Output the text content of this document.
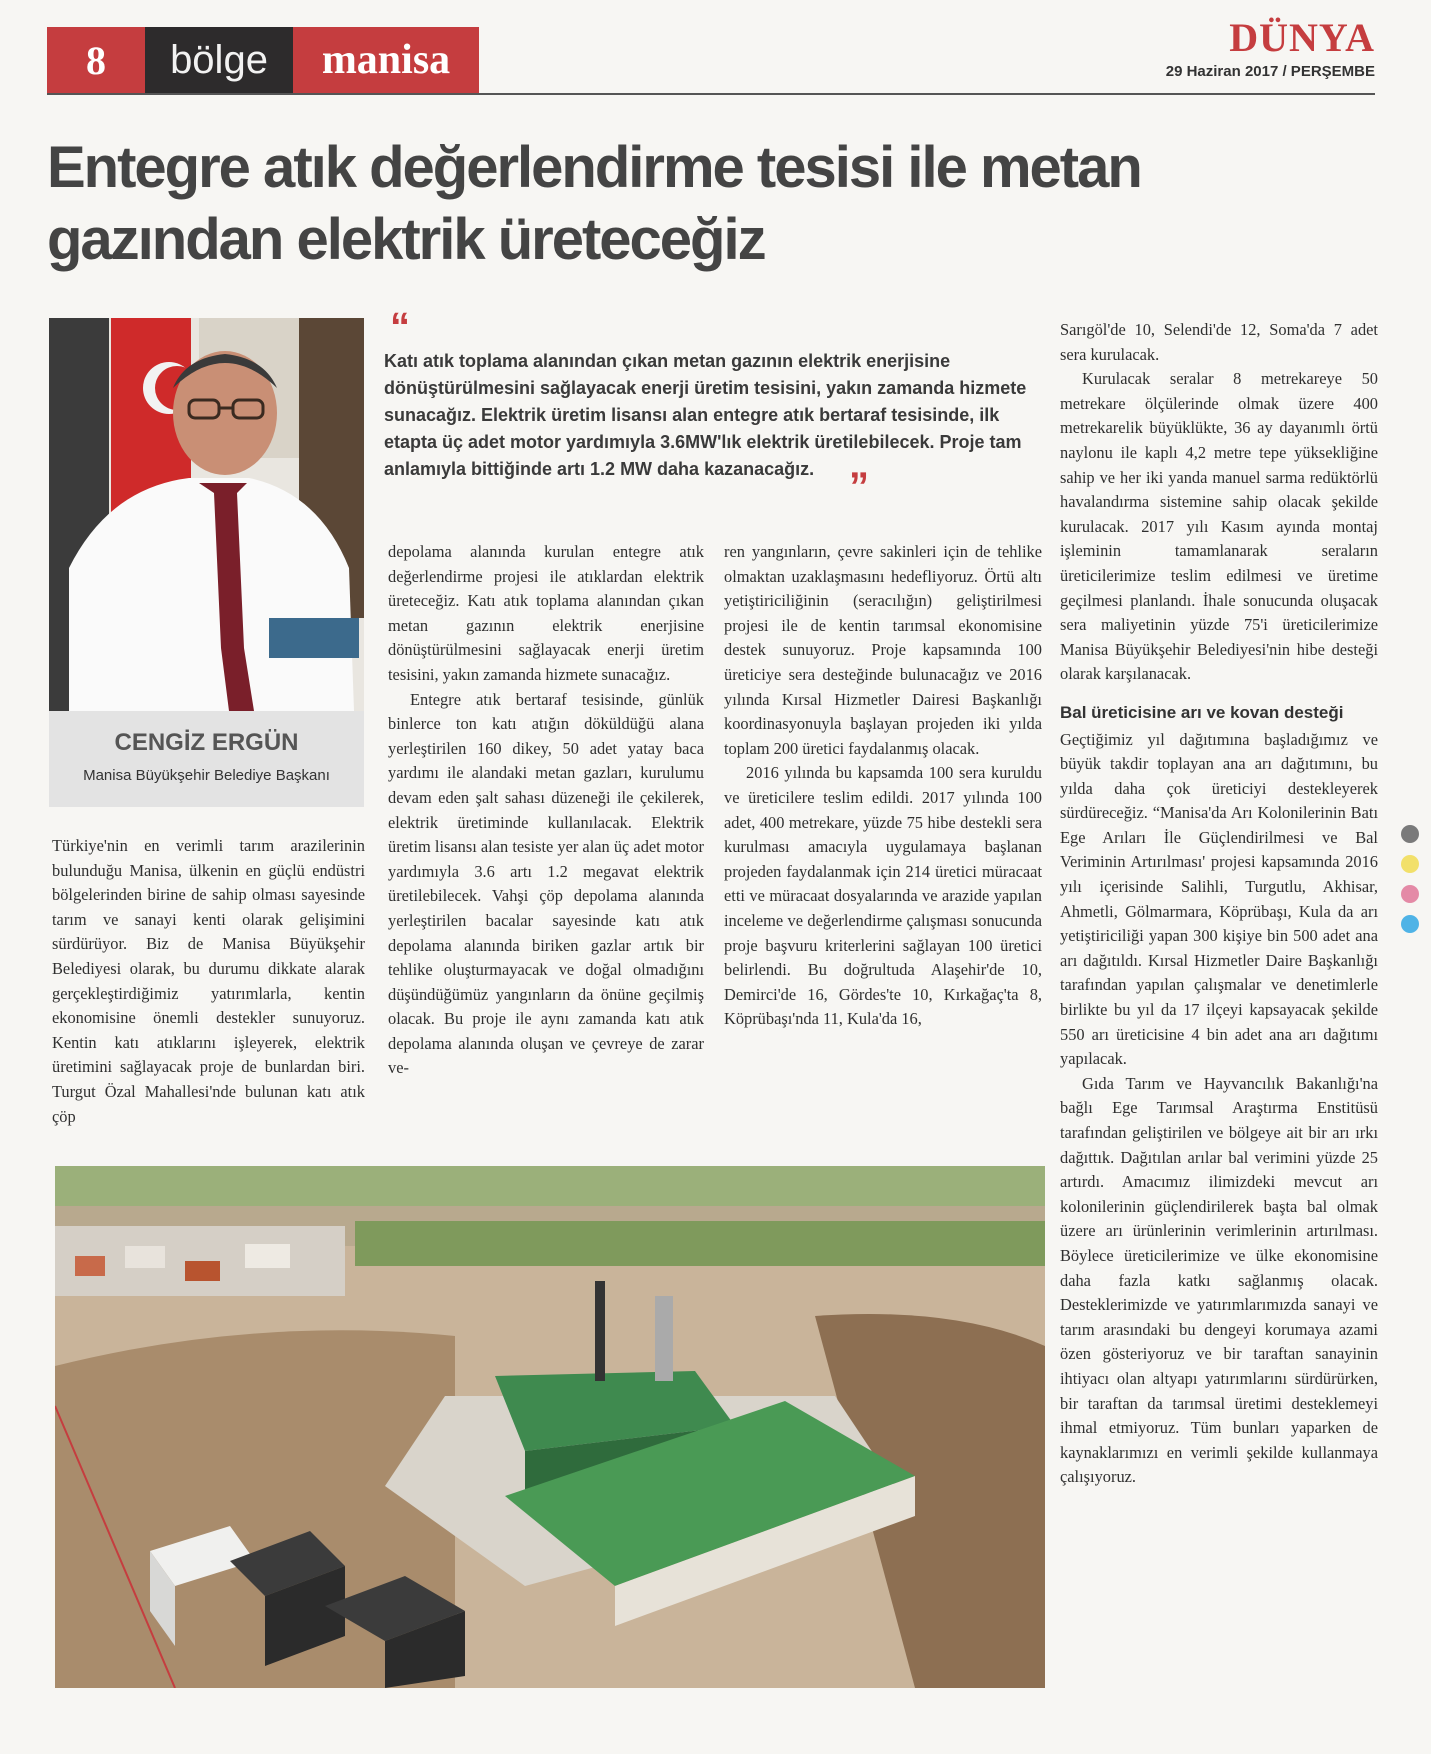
8	bölge	manisa	DÜNYA
29 Haziran 2017 / PERŞEMBE
Entegre atık değerlendirme tesisi ile metan gazından elektrik üreteceğiz
CENGİZ ERGÜN
Manisa Büyükşehir Belediye Başkanı
“

Katı atık toplama alanından çıkan metan gazının elektrik enerjisine dönüştürülmesini sağlayacak enerji üretim tesisini, yakın zamanda hizmete sunacağız. Elektrik üretim lisansı alan entegre atık bertaraf tesisinde, ilk etapta üç adet motor yardımıyla 3.6MW'lık elektrik üretilebilecek. Proje tam anlamıyla bittiğinde artı 1.2 MW daha kazanacağız. ”

Türkiye'nin en verimli tarım arazilerinin bulunduğu Manisa, ülkenin en güçlü endüstri bölgelerinden birine de sahip olması sayesinde tarım ve sanayi kenti olarak gelişimini sürdürüyor. Biz de Manisa Büyükşehir Belediyesi olarak, bu durumu dikkate alarak gerçekleştirdiğimiz yatırımlarla, kentin ekonomisine önemli destekler sunuyoruz. Kentin katı atıklarını işleyerek, elektrik üretimini sağlayacak proje de bunlardan biri. Turgut Özal Mahallesi'nde bulunan katı atık çöp

depolama alanında kurulan entegre atık değerlendirme projesi ile atıklardan elektrik üreteceğiz. Katı atık toplama alanından çıkan metan gazının elektrik enerjisine dönüştürülmesini sağlayacak enerji üretim tesisini, yakın zamanda hizmete sunacağız.

Entegre atık bertaraf tesisinde, günlük binlerce ton katı atığın döküldüğü alana yerleştirilen 160 dikey, 50 adet yatay baca yardımı ile alandaki metan gazları, kurulumu devam eden şalt sahası düzeneği ile çekilerek, elektrik üretiminde kullanılacak. Elektrik üretim lisansı alan tesiste yer alan üç adet motor yardımıyla 3.6 artı 1.2 megavat elektrik üretilebilecek. Vahşi çöp depolama alanında yerleştirilen bacalar sayesinde katı atık depolama alanında biriken gazlar artık bir tehlike oluşturmayacak ve doğal olmadığını düşündüğümüz yangınların da önüne geçilmiş olacak. Bu proje ile aynı zamanda katı atık depolama alanında oluşan ve çevreye de zarar ve-

ren yangınların, çevre sakinleri için de tehlike olmaktan uzaklaşmasını hedefliyoruz. Örtü altı yetiştiriciliğinin (seracılığın) geliştirilmesi projesi ile de kentin tarımsal ekonomisine destek sunuyoruz. Proje kapsamında 100 üreticiye sera desteğinde bulunacağız ve 2016 yılında Kırsal Hizmetler Dairesi Başkanlığı koordinasyonuyla başlayan projeden iki yılda toplam 200 üretici faydalanmış olacak.

2016 yılında bu kapsamda 100 sera kuruldu ve üreticilere teslim edildi. 2017 yılında 100 adet, 400 metrekare, yüzde 75 hibe destekli sera kurulması amacıyla uygulamaya başlanan projeden faydalanmak için 214 üretici müracaat etti ve müracaat dosyalarında ve arazide yapılan inceleme ve değerlendirme çalışması sonucunda proje başvuru kriterlerini sağlayan 100 üretici belirlendi. Bu doğrultuda Alaşehir'de 10, Demirci'de 16, Gördes'te 10, Kırkağaç'ta 8, Köprübaşı'nda 11, Kula'da 16,

Sarıgöl'de 10, Selendi'de 12, Soma'da 7 adet sera kurulacak.

Kurulacak seralar 8 metrekareye 50 metrekare ölçülerinde olmak üzere 400 metrekarelik büyüklükte, 36 ay dayanımlı örtü naylonu ile kaplı 4,2 metre tepe yüksekliğine sahip ve her iki yanda manuel sarma redüktörlü havalandırma sistemine sahip olacak şekilde kurulacak. 2017 yılı Kasım ayında montaj işleminin tamamlanarak seraların üreticilerimize teslim edilmesi ve üretime geçilmesi planlandı. İhale sonucunda oluşacak sera maliyetinin yüzde 75'i üreticilerimize Manisa Büyükşehir Belediyesi'nin hibe desteği olarak karşılanacak.

Bal üreticisine arı ve kovan desteği

Geçtiğimiz yıl dağıtımına başladığımız ve büyük takdir toplayan ana arı dağıtımını, bu yılda daha çok üreticiyi destekleyerek sürdüreceğiz. “Manisa'da Arı Kolonilerinin Batı Ege Arıları İle Güçlendirilmesi ve Bal Veriminin Artırılması' projesi kapsamında 2016 yılı içerisinde Salihli, Turgutlu, Akhisar, Ahmetli, Gölmarmara, Köprübaşı, Kula da arı yetiştiriciliği yapan 300 kişiye bin 500 adet ana arı dağıtıldı. Kırsal Hizmetler Daire Başkanlığı tarafından yapılan çalışmalar ve denetimlerle birlikte bu yıl da 17 ilçeyi kapsayacak şekilde 550 arı üreticisine 4 bin adet ana arı dağıtımı yapılacak.

Gıda Tarım ve Hayvancılık Bakanlığı'na bağlı Ege Tarımsal Araştırma Enstitüsü tarafından geliştirilen ve bölgeye ait bir arı ırkı dağıttık. Dağıtılan arılar bal verimini yüzde 25 artırdı. Amacımız ilimizdeki mevcut arı kolonilerinin güçlendirilerek başta bal olmak üzere arı ürünlerinin verimlerinin artırılması. Böylece üreticilerimize ve ülke ekonomisine daha fazla katkı sağlanmış olacak. Desteklerimizde ve yatırımlarımızda sanayi ve tarım arasındaki bu dengeyi korumaya azami özen gösteriyoruz ve bir taraftan sanayinin ihtiyacı olan altyapı yatırımlarını sürdürürken, bir taraftan da tarımsal üretimi desteklemeyi ihmal etmiyoruz. Tüm bunları yaparken de kaynaklarımızı en verimli şekilde kullanmaya çalışıyoruz.
